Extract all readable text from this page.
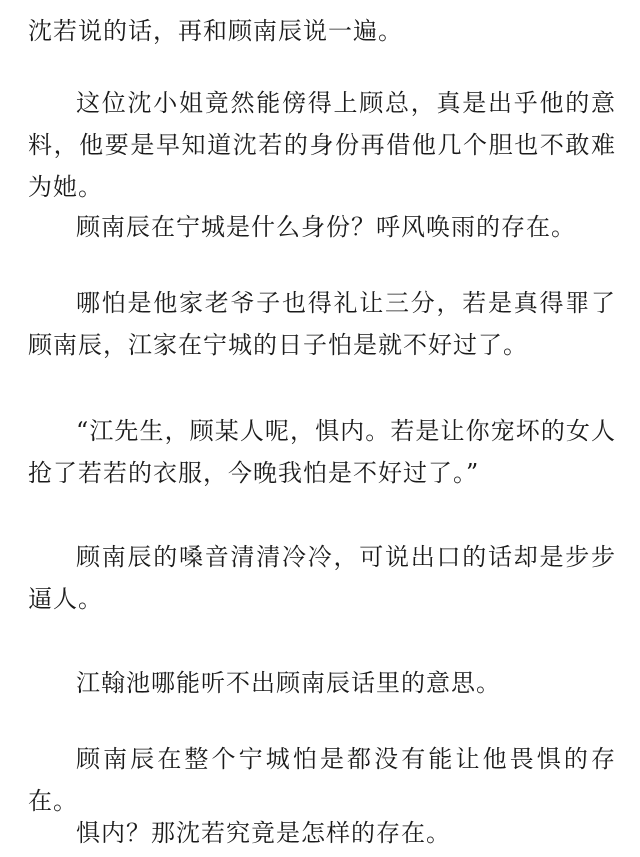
沈若说的话，再和顾南辰说一遍。

这位沈小姐竟然能傍得上顾总，真是出乎他的意料，他要是早知道沈若的身份再借他几个胆也不敢难为她。

顾南辰在宁城是什么身份？呼风唤雨的存在。

哪怕是他家老爷子也得礼让三分，若是真得罪了顾南辰，江家在宁城的日子怕是就不好过了。

“江先生，顾某人呢，惧内。若是让你宠坏的女人抢了若若的衣服，今晚我怕是不好过了。”

顾南辰的嗓音清清冷冷，可说出口的话却是步步逼人。

江翰池哪能听不出顾南辰话里的意思。

顾南辰在整个宁城怕是都没有能让他畏惧的存在。

惧内？那沈若究竟是怎样的存在。
